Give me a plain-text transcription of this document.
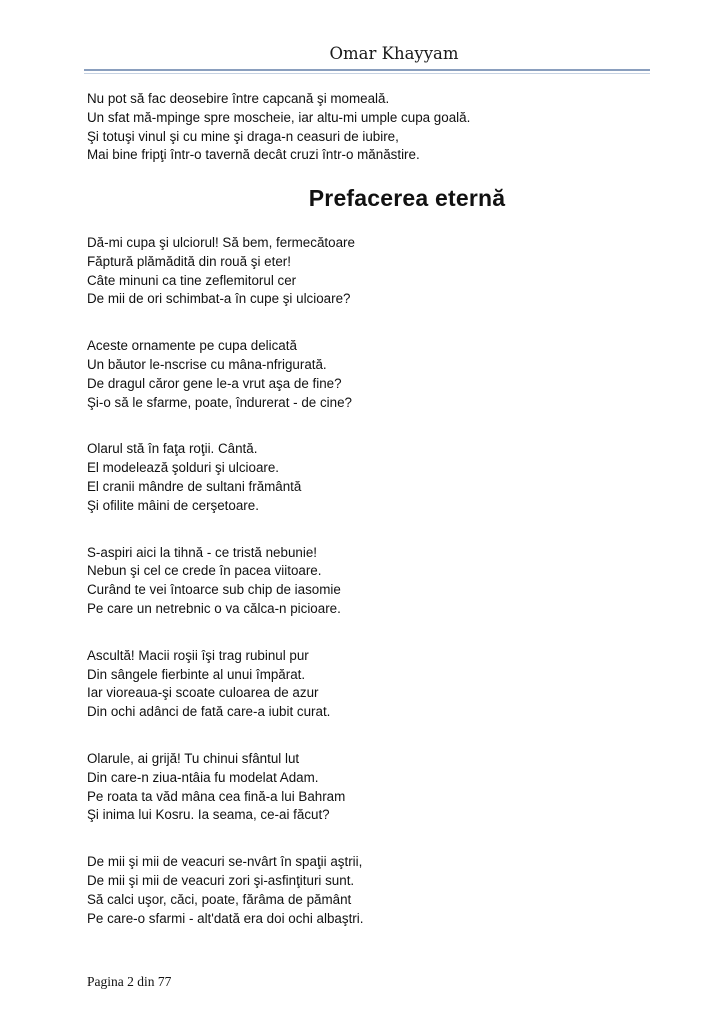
Omar Khayyam
Nu pot să fac deosebire între capcană şi momeală.
Un sfat mă-mpinge spre moscheie, iar altu-mi umple cupa goală.
Şi totuşi vinul şi cu mine şi draga-n ceasuri de iubire,
Mai bine fripţi într-o tavernă decât cruzi într-o mănăstire.
Prefacerea eternă
Dă-mi cupa şi ulciorul! Să bem, fermecătoare
Făptură plămădită din rouă şi eter!
Câte minuni ca tine zeflemitorul cer
De mii de ori schimbat-a în cupe şi ulcioare?
Aceste ornamente pe cupa delicată
Un băutor le-nscrise cu mâna-nfrigurată.
De dragul căror gene le-a vrut aşa de fine?
Şi-o să le sfarme, poate, îndurerat - de cine?
Olarul stă în faţa roţii. Cântă.
El modelează şolduri şi ulcioare.
El cranii mândre de sultani frământă
Şi ofilite mâini de cerşetoare.
S-aspiri aici la tihnă - ce tristă nebunie!
Nebun şi cel ce crede în pacea viitoare.
Curând te vei întoarce sub chip de iasomie
Pe care un netrebnic o va călca-n picioare.
Ascultă! Macii roşii îşi trag rubinul pur
Din sângele fierbinte al unui împărat.
Iar vioreaua-şi scoate culoarea de azur
Din ochi adânci de fată care-a iubit curat.
Olarule, ai grijă! Tu chinui sfântul lut
Din care-n ziua-ntâia fu modelat Adam.
Pe roata ta văd mâna cea fină-a lui Bahram
Şi inima lui Kosru. Ia seama, ce-ai făcut?
De mii şi mii de veacuri se-nvârt în spaţii aştrii,
De mii şi mii de veacuri zori şi-asfinţituri sunt.
Să calci uşor, căci, poate, fărâma de pământ
Pe care-o sfarmi - alt'dată era doi ochi albaştri.
Pagina 2 din 77
